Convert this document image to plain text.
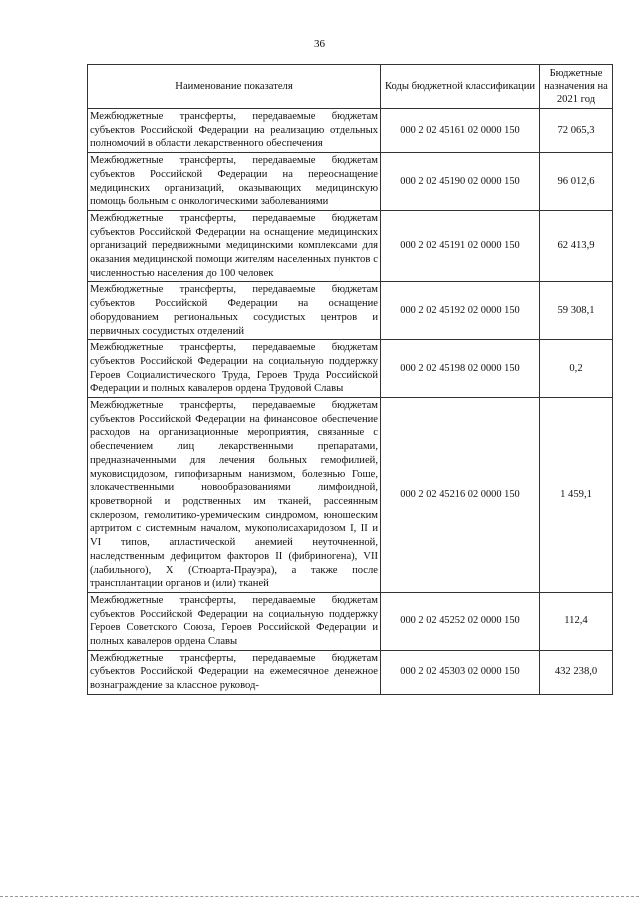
36
Наименование показателя	Коды бюджетной классификации	Бюджетные назначения на 2021 год
Межбюджетные трансферты, передаваемые бюджетам субъектов Российской Федерации на реализацию отдельных полномочий в области лекарственного обеспечения	000 2 02 45161 02 0000 150	72 065,3
Межбюджетные трансферты, передаваемые бюджетам субъектов Российской Федерации на переоснащение медицинских организаций, оказывающих медицинскую помощь больным с онкологическими заболеваниями	000 2 02 45190 02 0000 150	96 012,6
Межбюджетные трансферты, передаваемые бюджетам субъектов Российской Федерации на оснащение медицинских организаций передвижными медицинскими комплексами для оказания медицинской помощи жителям населенных пунктов с численностью населения до 100 человек	000 2 02 45191 02 0000 150	62 413,9
Межбюджетные трансферты, передаваемые бюджетам субъектов Российской Федерации на оснащение оборудованием региональных сосудистых центров и первичных сосудистых отделений	000 2 02 45192 02 0000 150	59 308,1
Межбюджетные трансферты, передаваемые бюджетам субъектов Российской Федерации на социальную поддержку Героев Социалистического Труда, Героев Труда Российской Федерации и полных кавалеров ордена Трудовой Славы	000 2 02 45198 02 0000 150	0,2
Межбюджетные трансферты, передаваемые бюджетам субъектов Российской Федерации на финансовое обеспечение расходов на организационные мероприятия, связанные с обеспечением лиц лекарственными препаратами, предназначенными для лечения больных гемофилией, муковисцидозом, гипофизарным нанизмом, болезнью Гоше, злокачественными новообразованиями лимфоидной, кроветворной и родственных им тканей, рассеянным склерозом, гемолитико-уремическим синдромом, юношеским артритом с системным началом, мукополисахаридозом I, II и VI типов, апластической анемией неуточненной, наследственным дефицитом факторов II (фибриногена), VII (лабильного), X (Стюарта-Прауэра), а также после трансплантации органов и (или) тканей	000 2 02 45216 02 0000 150	1 459,1
Межбюджетные трансферты, передаваемые бюджетам субъектов Российской Федерации на социальную поддержку Героев Советского Союза, Героев Российской Федерации и полных кавалеров ордена Славы	000 2 02 45252 02 0000 150	112,4
Межбюджетные трансферты, передаваемые бюджетам субъектов Российской Федерации на ежемесячное денежное вознаграждение за классное руковод-	000 2 02 45303 02 0000 150	432 238,0
